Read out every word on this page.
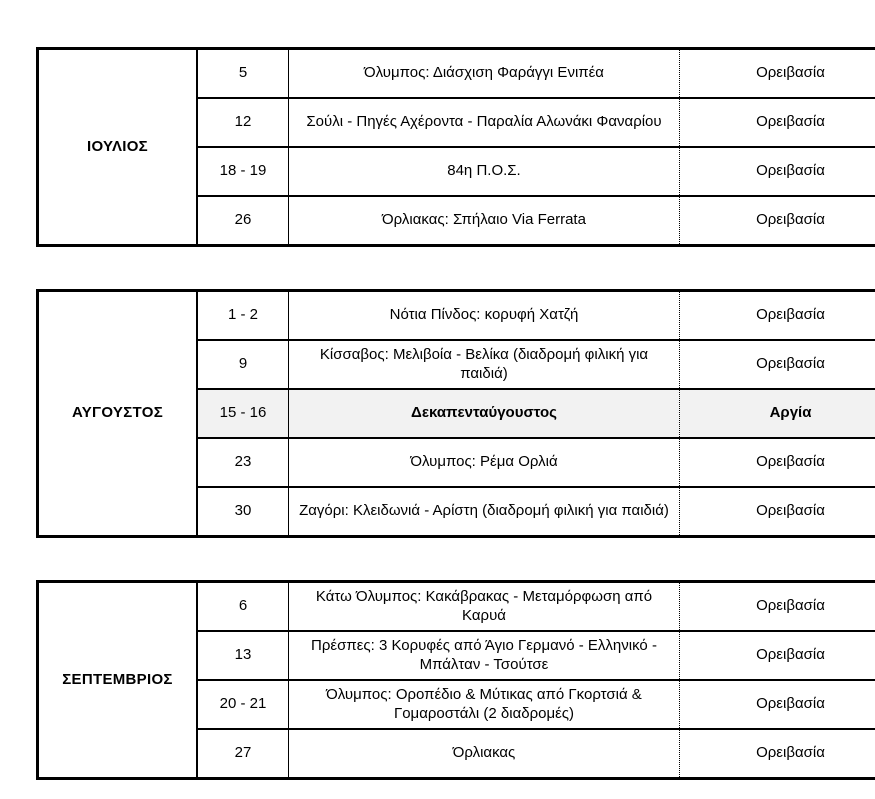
ΙΟΥΛΙΟΣ	5	Όλυμπος: Διάσχιση Φαράγγι Ενιπέα	Ορειβασία
	12	Σούλι - Πηγές Αχέροντα - Παραλία Αλωνάκι Φαναρίου	Ορειβασία
	18 - 19	84η Π.Ο.Σ.	Ορειβασία
	26	Όρλιακας: Σπήλαιο Via Ferrata	Ορειβασία
ΑΥΓΟΥΣΤΟΣ	1 - 2	Νότια Πίνδος: κορυφή Χατζή	Ορειβασία
	9	Κίσσαβος: Μελιβοία - Βελίκα (διαδρομή φιλική για παιδιά)	Ορειβασία
	15 - 16	Δεκαπενταύγουστος	Αργία
	23	Όλυμπος: Ρέμα Ορλιά	Ορειβασία
	30	Ζαγόρι: Κλειδωνιά - Αρίστη (διαδρομή φιλική για παιδιά)	Ορειβασία
ΣΕΠΤΕΜΒΡΙΟΣ	6	Κάτω Όλυμπος: Κακάβρακας - Μεταμόρφωση από Καρυά	Ορειβασία
	13	Πρέσπες: 3 Κορυφές από Άγιο Γερμανό - Ελληνικό - Μπάλταν - Τσούτσε	Ορειβασία
	20 - 21	Όλυμπος: Οροπέδιο & Μύτικας από Γκορτσιά & Γομαροστάλι (2 διαδρομές)	Ορειβασία
	27	Όρλιακας	Ορειβασία
